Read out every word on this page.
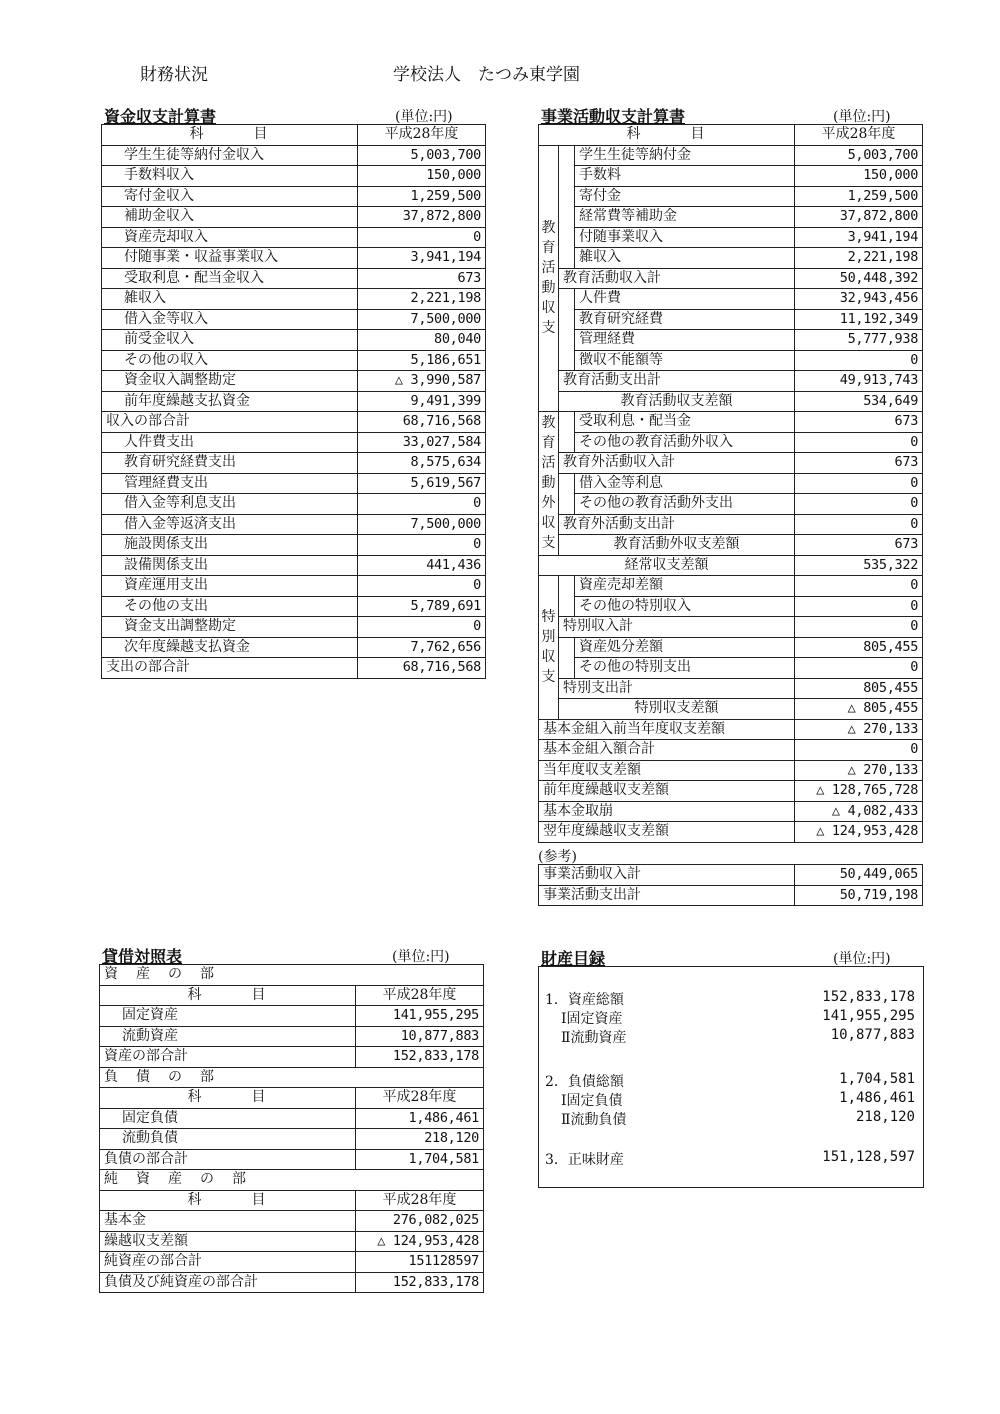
財務状況	学校法人　たつみ東学園
資金収支計算書	(単位:円)
科　　　目	平成28年度
学生生徒等納付金収入	5,003,700
手数料収入	150,000
寄付金収入	1,259,500
補助金収入	37,872,800
資産売却収入	0
付随事業・収益事業収入	3,941,194
受取利息・配当金収入	673
雑収入	2,221,198
借入金等収入	7,500,000
前受金収入	80,040
その他の収入	5,186,651
資金収入調整勘定	△ 3,990,587
前年度繰越支払資金	9,491,399
収入の部合計	68,716,568
人件費支出	33,027,584
教育研究経費支出	8,575,634
管理経費支出	5,619,567
借入金等利息支出	0
借入金等返済支出	7,500,000
施設関係支出	0
設備関係支出	441,436
資産運用支出	0
その他の支出	5,789,691
資金支出調整勘定	0
次年度繰越支払資金	7,762,656
支出の部合計	68,716,568
事業活動収支計算書	(単位:円)
科　　　目			平成28年度
教育活動収支		学生生徒等納付金	5,003,700
		手数料	150,000
		寄付金	1,259,500
		経常費等補助金	37,872,800
		付随事業収入	3,941,194
		雑収入	2,221,198
	教育活動収入計		50,448,392
		人件費	32,943,456
		教育研究経費	11,192,349
		管理経費	5,777,938
		徴収不能額等	0
	教育活動支出計		49,913,743
	教育活動収支差額		534,649
教育活動外収支		受取利息・配当金	673
		その他の教育活動外収入	0
	教育外活動収入計		673
		借入金等利息	0
		その他の教育活動外支出	0
	教育外活動支出計		0
	教育活動外収支差額		673
経常収支差額			535,322
特別収支		資産売却差額	0
		その他の特別収入	0
	特別収入計		0
		資産処分差額	805,455
		その他の特別支出	0
	特別支出計		805,455
	特別収支差額		△ 805,455
基本金組入前当年度収支差額			△ 270,133
基本金組入額合計			0
当年度収支差額			△ 270,133
前年度繰越収支差額			△ 128,765,728
基本金取崩			△ 4,082,433
翌年度繰越収支差額			△ 124,953,428
(参考)
事業活動収入計	50,449,065
事業活動支出計	50,719,198
貸借対照表	(単位:円)
資　産　の　部	
科　　　目	平成28年度
固定資産	141,955,295
流動資産	10,877,883
資産の部合計	152,833,178
負　債　の　部	
科　　　目	平成28年度
固定負債	1,486,461
流動負債	218,120
負債の部合計	1,704,581
純　資　産　の　部	
科　　　目	平成28年度
基本金	276,082,025
繰越収支差額	△ 124,953,428
純資産の部合計	151128597
負債及び純資産の部合計	152,833,178
財産目録	(単位:円)
1．資産総額	152,833,178
Ⅰ固定資産	141,955,295
Ⅱ流動資産	10,877,883
2．負債総額	1,704,581
Ⅰ固定負債	1,486,461
Ⅱ流動負債	218,120
3．正味財産	151,128,597
